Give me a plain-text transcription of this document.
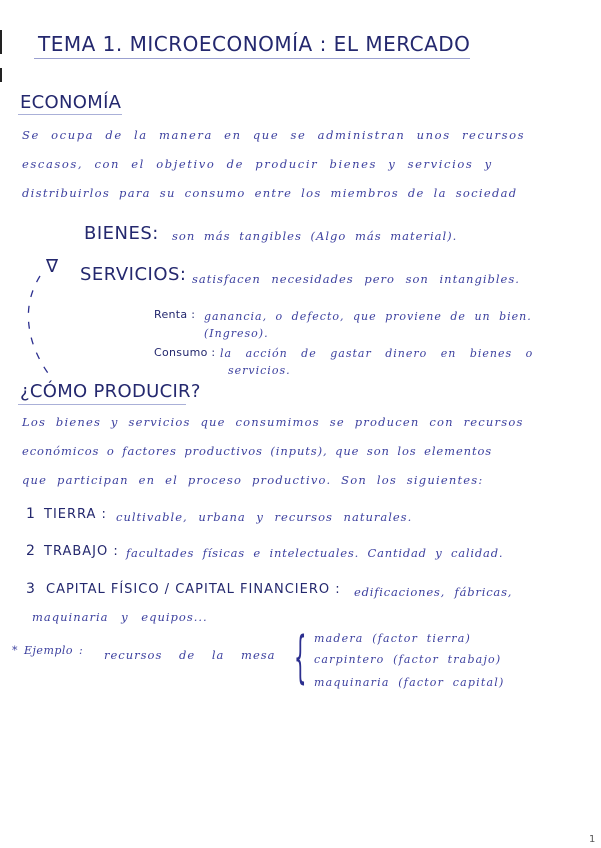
TEMA 1. MICROECONOMÍA : EL MERCADO
ECONOMÍA
Se ocupa de la manera en que se administran unos recursos
escasos, con el objetivo de producir bienes y servicios y
distribuirlos para su consumo entre los miembros de la sociedad
BIENES: son más tangibles (Algo más material).
∇ SERVICIOS: satisfacen necesidades pero son intangibles.
Renta : ganancia, o defecto, que proviene de un bien.
(Ingreso).
Consumo : la acción de gastar dinero en bienes o
servicios.
¿CÓMO PRODUCIR?
Los bienes y servicios que consumimos se producen con recursos
económicos o factores productivos (inputs), que son los elementos
que participan en el proceso productivo. Son los siguientes:
1 TIERRA : cultivable, urbana y recursos naturales.
2 TRABAJO : facultades físicas e intelectuales. Cantidad y calidad.
3 CAPITAL FÍSICO / CAPITAL FINANCIERO : edificaciones, fábricas,
maquinaria y equipos...
* Ejemplo : recursos de la mesa { madera (factor tierra)
carpintero (factor trabajo)
maquinaria (factor capital)
1
